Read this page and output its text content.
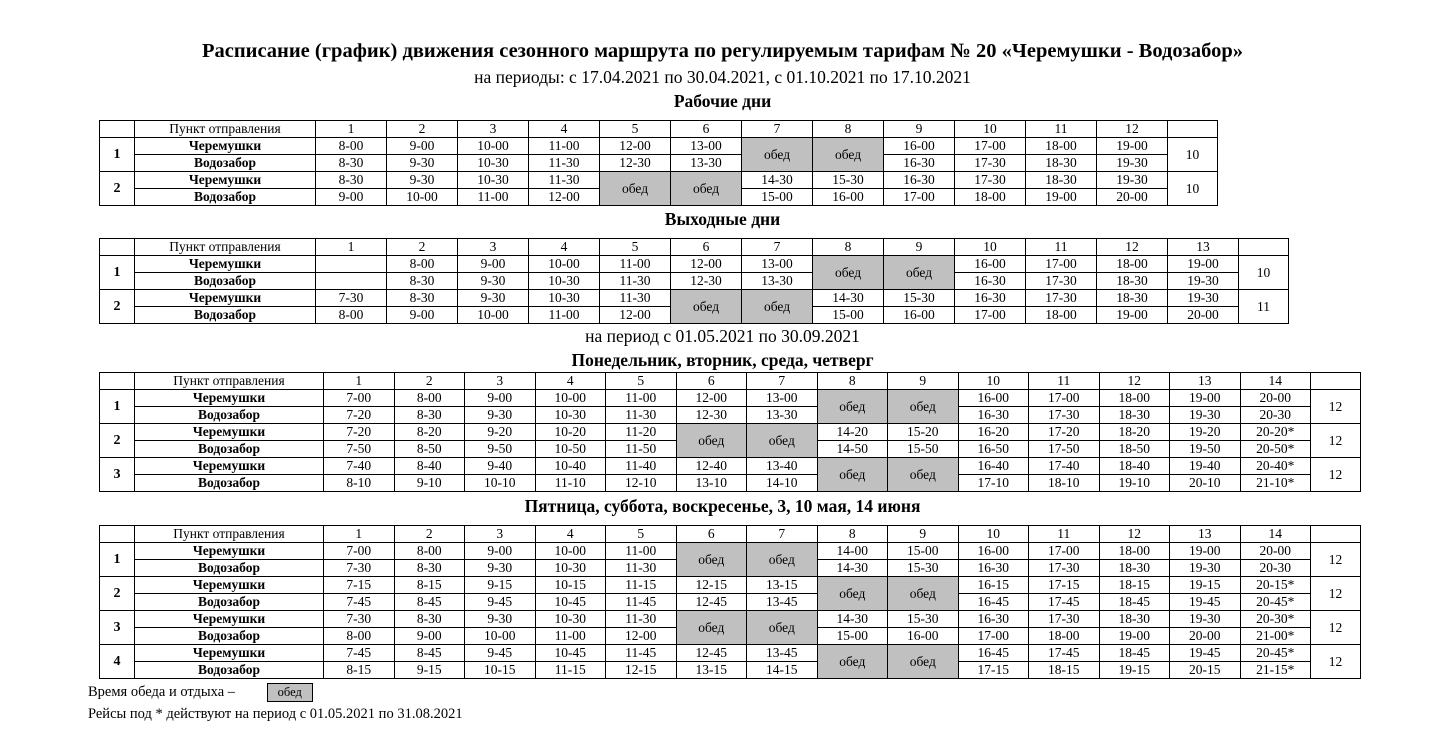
Расписание (график) движения сезонного маршрута по регулируемым тарифам № 20 «Черемушки - Водозабор»
на периоды: с 17.04.2021 по 30.04.2021, с 01.10.2021 по 17.10.2021
Рабочие дни
	Пункт отправления	1	2	3	4	5	6	7	8	9	10	11	12	
1	Черемушки	8-00	9-00	10-00	11-00	12-00	13-00	обед	обед	16-00	17-00	18-00	19-00	10
	Водозабор	8-30	9-30	10-30	11-30	12-30	13-30			16-30	17-30	18-30	19-30	
2	Черемушки	8-30	9-30	10-30	11-30	обед	обед	14-30	15-30	16-30	17-30	18-30	19-30	10
	Водозабор	9-00	10-00	11-00	12-00			15-00	16-00	17-00	18-00	19-00	20-00	
Выходные дни
	Пункт отправления	1	2	3	4	5	6	7	8	9	10	11	12	13	
1	Черемушки		8-00	9-00	10-00	11-00	12-00	13-00	обед	обед	16-00	17-00	18-00	19-00	10
	Водозабор		8-30	9-30	10-30	11-30	12-30	13-30			16-30	17-30	18-30	19-30	
2	Черемушки	7-30	8-30	9-30	10-30	11-30	обед	обед	14-30	15-30	16-30	17-30	18-30	19-30	11
	Водозабор	8-00	9-00	10-00	11-00	12-00			15-00	16-00	17-00	18-00	19-00	20-00	
на период с 01.05.2021 по 30.09.2021
Понедельник, вторник, среда, четверг
	Пункт отправления	1	2	3	4	5	6	7	8	9	10	11	12	13	14	
1	Черемушки	7-00	8-00	9-00	10-00	11-00	12-00	13-00	обед	обед	16-00	17-00	18-00	19-00	20-00	12
	Водозабор	7-20	8-30	9-30	10-30	11-30	12-30	13-30			16-30	17-30	18-30	19-30	20-30	
2	Черемушки	7-20	8-20	9-20	10-20	11-20	обед	обед	14-20	15-20	16-20	17-20	18-20	19-20	20-20*	12
	Водозабор	7-50	8-50	9-50	10-50	11-50			14-50	15-50	16-50	17-50	18-50	19-50	20-50*	
3	Черемушки	7-40	8-40	9-40	10-40	11-40	12-40	13-40	обед	обед	16-40	17-40	18-40	19-40	20-40*	12
	Водозабор	8-10	9-10	10-10	11-10	12-10	13-10	14-10			17-10	18-10	19-10	20-10	21-10*	
Пятница, суббота, воскресенье, 3, 10 мая, 14 июня
	Пункт отправления	1	2	3	4	5	6	7	8	9	10	11	12	13	14	
1	Черемушки	7-00	8-00	9-00	10-00	11-00	обед	обед	14-00	15-00	16-00	17-00	18-00	19-00	20-00	12
	Водозабор	7-30	8-30	9-30	10-30	11-30			14-30	15-30	16-30	17-30	18-30	19-30	20-30	
2	Черемушки	7-15	8-15	9-15	10-15	11-15	12-15	13-15	обед	обед	16-15	17-15	18-15	19-15	20-15*	12
	Водозабор	7-45	8-45	9-45	10-45	11-45	12-45	13-45			16-45	17-45	18-45	19-45	20-45*	
3	Черемушки	7-30	8-30	9-30	10-30	11-30	обед	обед	14-30	15-30	16-30	17-30	18-30	19-30	20-30*	12
	Водозабор	8-00	9-00	10-00	11-00	12-00			15-00	16-00	17-00	18-00	19-00	20-00	21-00*	
4	Черемушки	7-45	8-45	9-45	10-45	11-45	12-45	13-45	обед	обед	16-45	17-45	18-45	19-45	20-45*	12
	Водозабор	8-15	9-15	10-15	11-15	12-15	13-15	14-15			17-15	18-15	19-15	20-15	21-15*	
Время обеда и отдыха –	обед
Рейсы под * действуют на период с 01.05.2021 по 31.08.2021
